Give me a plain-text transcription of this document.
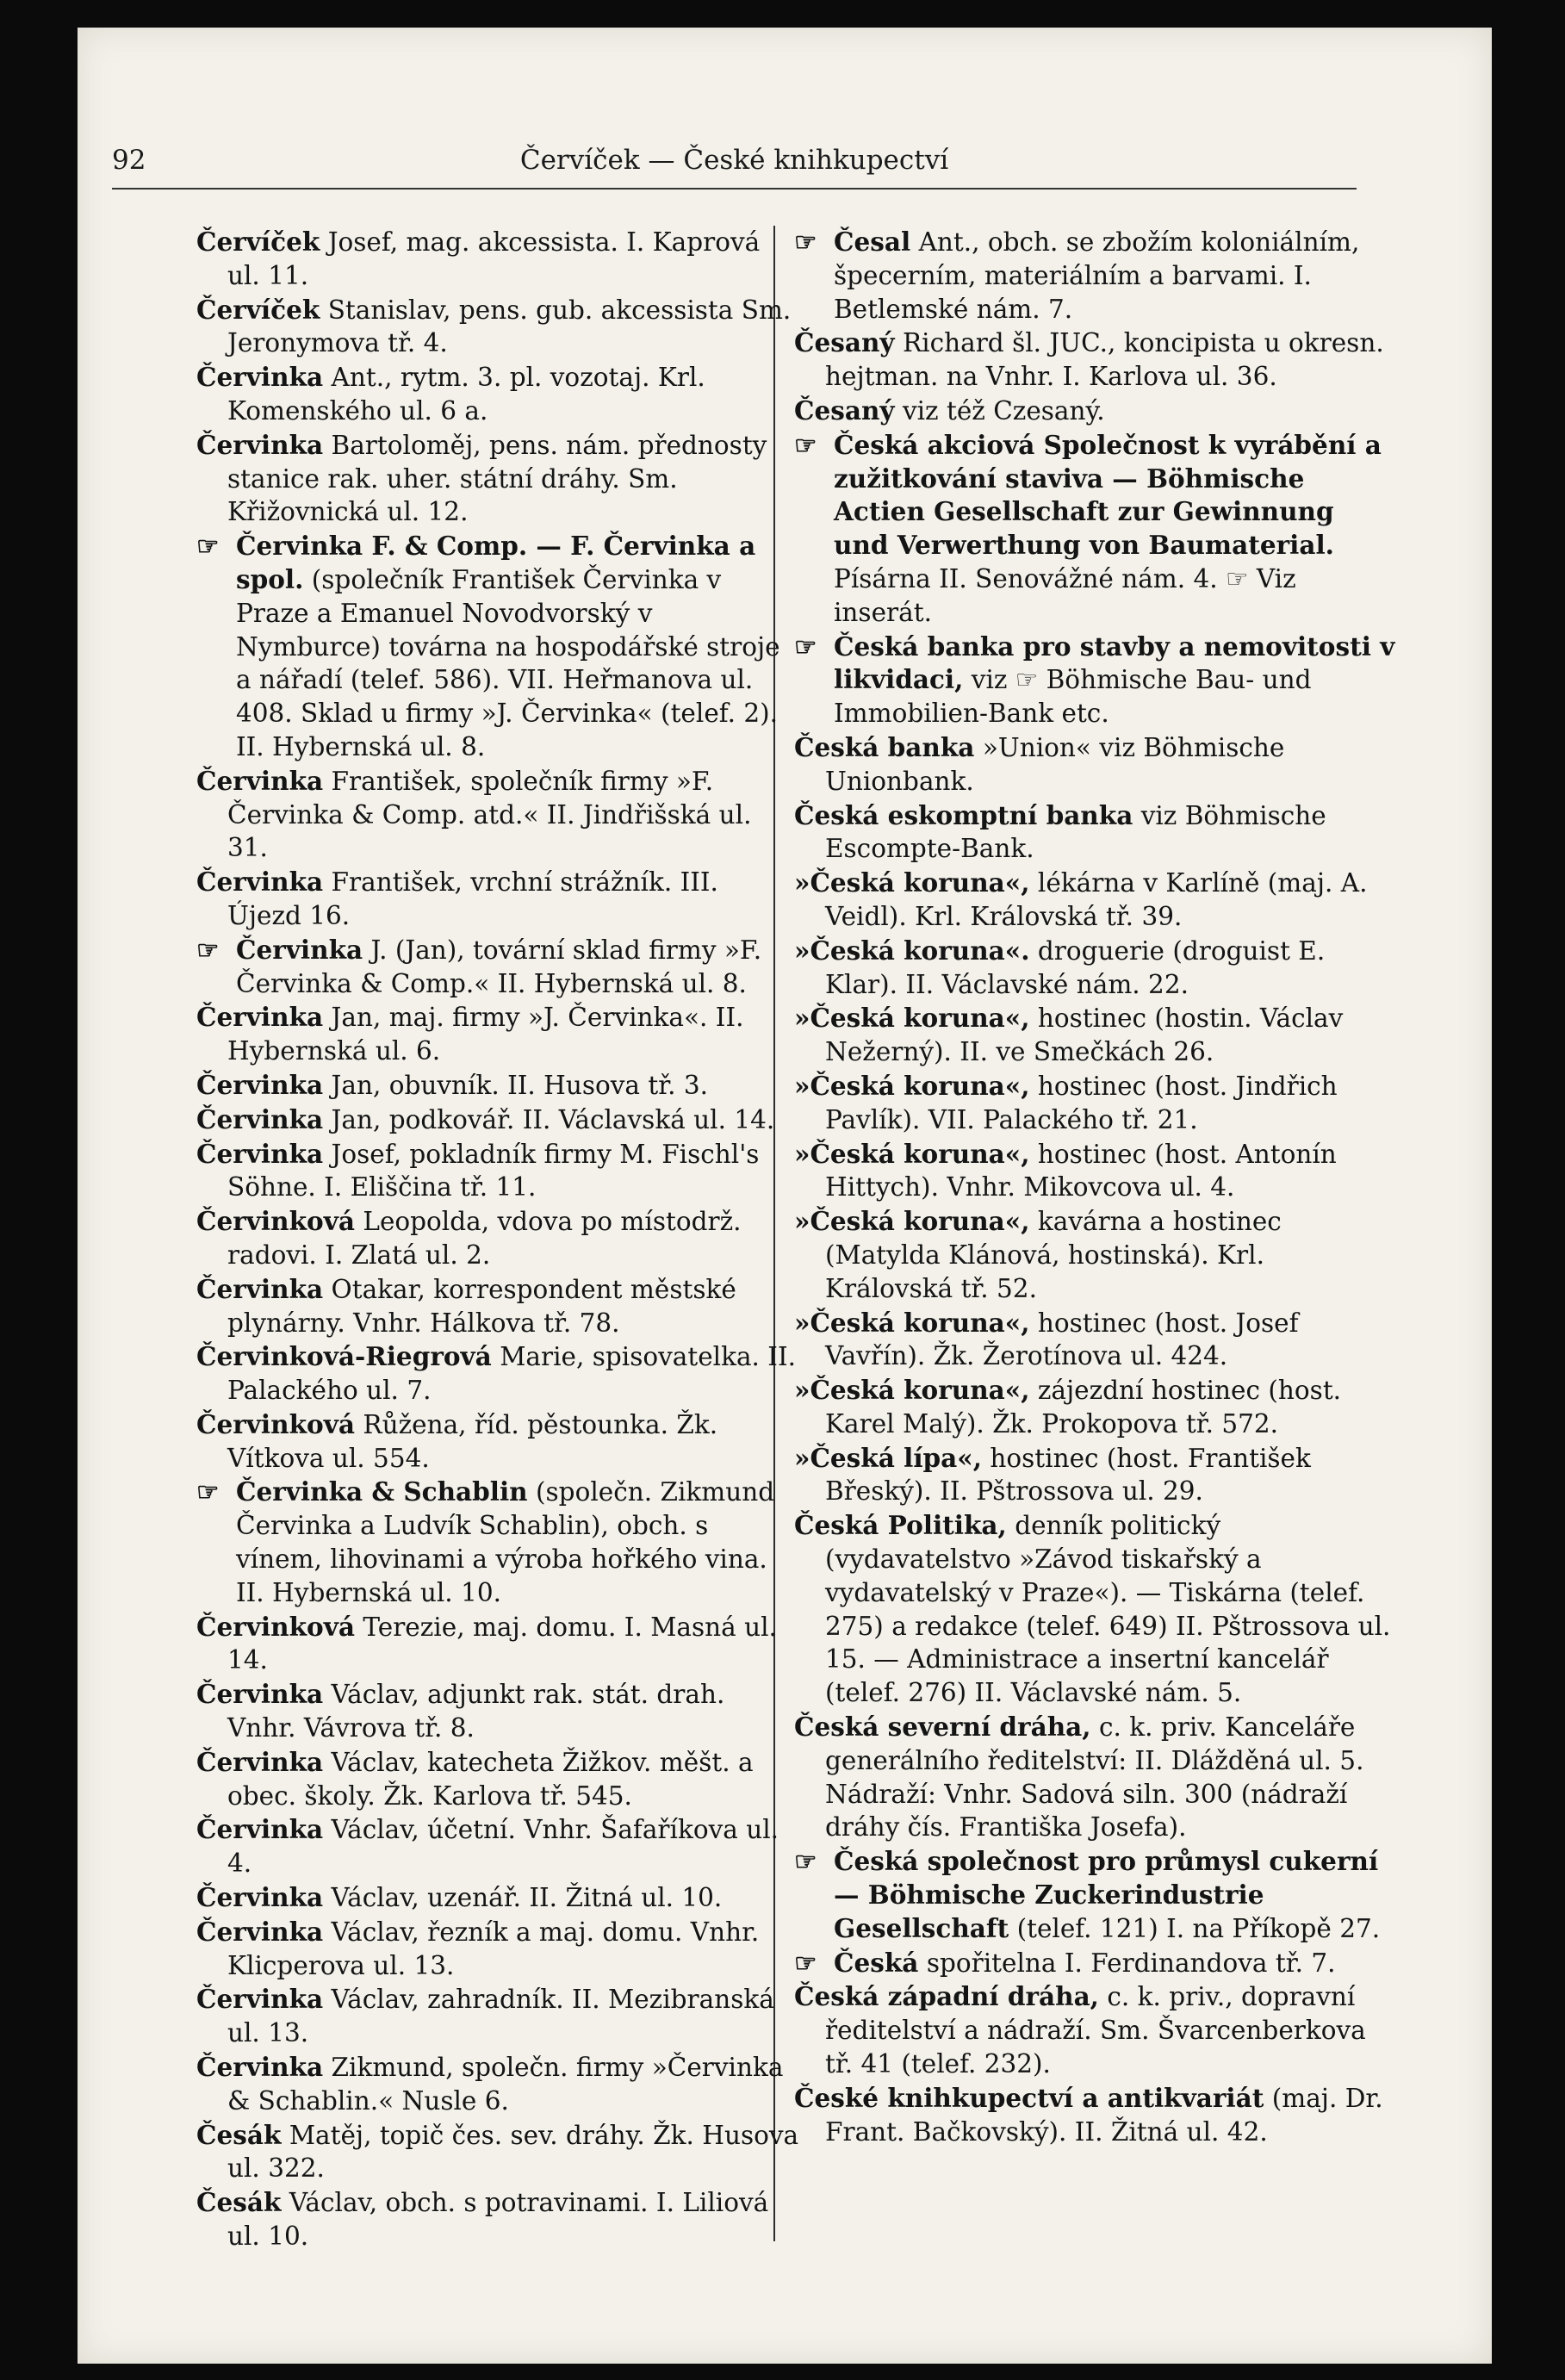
92	Červíček — České knihkupectví
Červíček Josef, mag. akcessista. I. Kaprová ul. 11.
Červíček Stanislav, pens. gub. akcessista Sm. Jeronymova tř. 4.
Červinka Ant., rytm. 3. pl. vozotaj. Krl. Komenského ul. 6 a.
Červinka Bartoloměj, pens. nám. přednosty stanice rak. uher. státní dráhy. Sm. Křižovnická ul. 12.
☞ Červinka F. & Comp. — F. Červinka a spol. (společník František Červinka v Praze a Emanuel Novodvorský v Nymburce) továrna na hospodářské stroje a nářadí (telef. 586). VII. Heřmanova ul. 408. Sklad u firmy »J. Červinka« (telef. 2). II. Hybernská ul. 8.
Červinka František, společník firmy »F. Červinka & Comp. atd.« II. Jindřišská ul. 31.
Červinka František, vrchní strážník. III. Újezd 16.
☞ Červinka J. (Jan), tovární sklad firmy »F. Červinka & Comp.« II. Hybernská ul. 8.
Červinka Jan, maj. firmy »J. Červinka«. II. Hybernská ul. 6.
Červinka Jan, obuvník. II. Husova tř. 3.
Červinka Jan, podkovář. II. Václavská ul. 14.
Červinka Josef, pokladník firmy M. Fischl's Söhne. I. Eliščina tř. 11.
Červinková Leopolda, vdova po místodrž. radovi. I. Zlatá ul. 2.
Červinka Otakar, korrespondent městské plynárny. Vnhr. Hálkova tř. 78.
Červinková-Riegrová Marie, spisovatelka. II. Palackého ul. 7.
Červinková Růžena, říd. pěstounka. Žk. Vítkova ul. 554.
☞ Červinka & Schablin (společn. Zikmund Červinka a Ludvík Schablin), obch. s vínem, lihovinami a výroba hořkého vina. II. Hybernská ul. 10.
Červinková Terezie, maj. domu. I. Masná ul. 14.
Červinka Václav, adjunkt rak. stát. drah. Vnhr. Vávrova tř. 8.
Červinka Václav, katecheta Žižkov. měšt. a obec. školy. Žk. Karlova tř. 545.
Červinka Václav, účetní. Vnhr. Šafaříkova ul. 4.
Červinka Václav, uzenář. II. Žitná ul. 10.
Červinka Václav, řezník a maj. domu. Vnhr. Klicperova ul. 13.
Červinka Václav, zahradník. II. Mezibranská ul. 13.
Červinka Zikmund, společn. firmy »Červinka & Schablin.« Nusle 6.
Česák Matěj, topič čes. sev. dráhy. Žk. Husova ul. 322.
Česák Václav, obch. s potravinami. I. Liliová ul. 10.
☞ Česal Ant., obch. se zbožím koloniálním, špecerním, materiálním a barvami. I. Betlemské nám. 7.
Česaný Richard šl. JUC., koncipista u okresn. hejtman. na Vnhr. I. Karlova ul. 36.
Česaný viz též Czesaný.
☞ Česká akciová Společnost k vyrábění a zužitkování staviva — Böhmische Actien Gesellschaft zur Gewinnung und Verwerthung von Baumaterial. Písárna II. Senovážné nám. 4. ☞ Viz inserát.
☞ Česká banka pro stavby a nemovitosti v likvidaci, viz ☞ Böhmische Bau- und Immobilien-Bank etc.
Česká banka »Union« viz Böhmische Unionbank.
Česká eskomptní banka viz Böhmische Escompte-Bank.
»Česká koruna«, lékárna v Karlíně (maj. A. Veidl). Krl. Královská tř. 39.
»Česká koruna«. droguerie (droguist E. Klar). II. Václavské nám. 22.
»Česká koruna«, hostinec (hostin. Václav Nežerný). II. ve Smečkách 26.
»Česká koruna«, hostinec (host. Jindřich Pavlík). VII. Palackého tř. 21.
»Česká koruna«, hostinec (host. Antonín Hittych). Vnhr. Mikovcova ul. 4.
»Česká koruna«, kavárna a hostinec (Matylda Klánová, hostinská). Krl. Královská tř. 52.
»Česká koruna«, hostinec (host. Josef Vavřín). Žk. Žerotínova ul. 424.
»Česká koruna«, zájezdní hostinec (host. Karel Malý). Žk. Prokopova tř. 572.
»Česká lípa«, hostinec (host. František Břeský). II. Pštrossova ul. 29.
Česká Politika, denník politický (vydavatelstvo »Závod tiskařský a vydavatelský v Praze«). — Tiskárna (telef. 275) a redakce (telef. 649) II. Pštrossova ul. 15. — Administrace a insertní kancelář (telef. 276) II. Václavské nám. 5.
Česká severní dráha, c. k. priv. Kanceláře generálního ředitelství: II. Dlážděná ul. 5. Nádraží: Vnhr. Sadová siln. 300 (nádraží dráhy čís. Františka Josefa).
☞ Česká společnost pro průmysl cukerní — Böhmische Zuckerindustrie Gesellschaft (telef. 121) I. na Příkopě 27.
☞ Česká spořitelna I. Ferdinandova tř. 7.
Česká západní dráha, c. k. priv., dopravní ředitelství a nádraží. Sm. Švarcenberkova tř. 41 (telef. 232).
České knihkupectví a antikvariát (maj. Dr. Frant. Bačkovský). II. Žitná ul. 42.
